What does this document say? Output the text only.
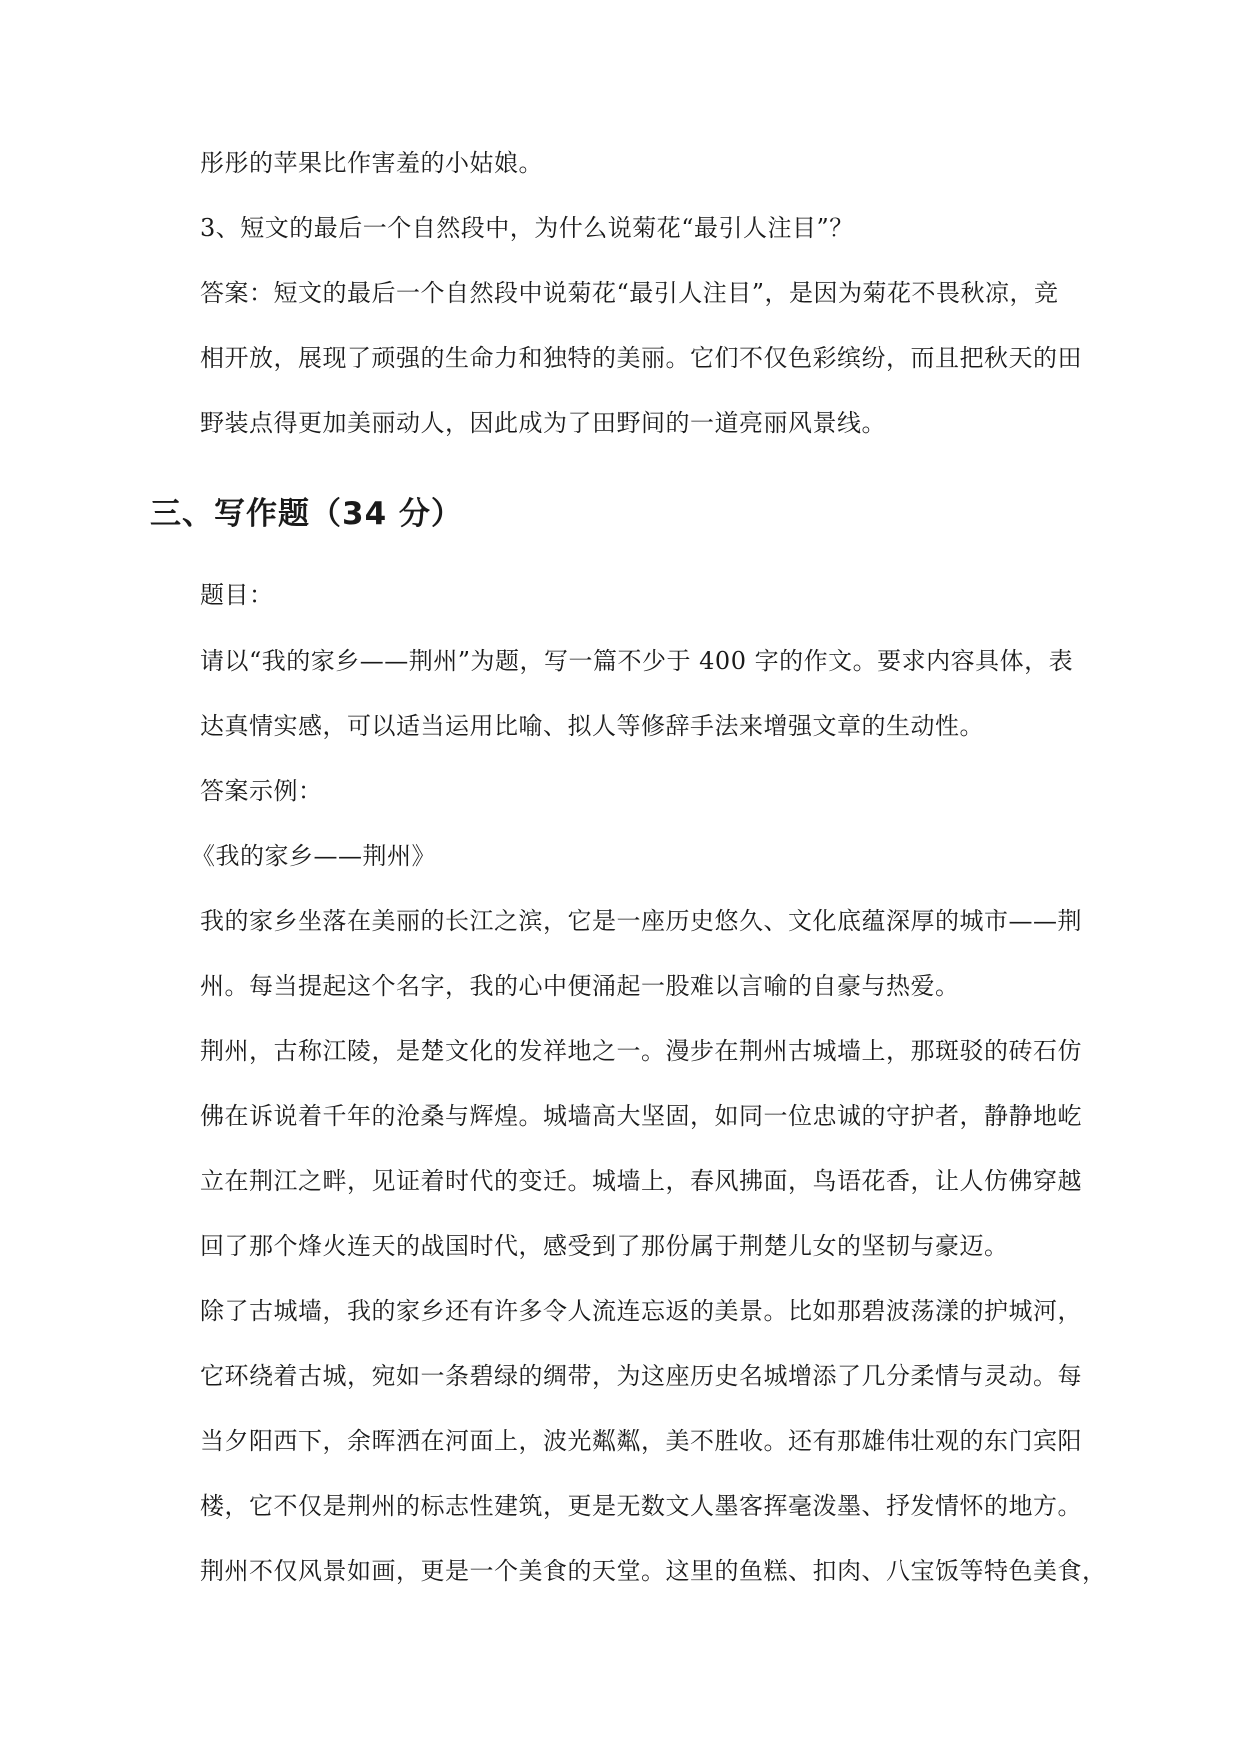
彤彤的苹果比作害羞的小姑娘。
3、短文的最后一个自然段中，为什么说菊花“最引人注目”？
答案：短文的最后一个自然段中说菊花“最引人注目”，是因为菊花不畏秋凉，竞
相开放，展现了顽强的生命力和独特的美丽。它们不仅色彩缤纷，而且把秋天的田
野装点得更加美丽动人，因此成为了田野间的一道亮丽风景线。
三、写作题（34 分）
题目：
请以“我的家乡——荆州”为题，写一篇不少于 400 字的作文。要求内容具体，表
达真情实感，可以适当运用比喻、拟人等修辞手法来增强文章的生动性。
答案示例：
《我的家乡——荆州》
我的家乡坐落在美丽的长江之滨，它是一座历史悠久、文化底蕴深厚的城市——荆
州。每当提起这个名字，我的心中便涌起一股难以言喻的自豪与热爱。
荆州，古称江陵，是楚文化的发祥地之一。漫步在荆州古城墙上，那斑驳的砖石仿
佛在诉说着千年的沧桑与辉煌。城墙高大坚固，如同一位忠诚的守护者，静静地屹
立在荆江之畔，见证着时代的变迁。城墙上，春风拂面，鸟语花香，让人仿佛穿越
回了那个烽火连天的战国时代，感受到了那份属于荆楚儿女的坚韧与豪迈。
除了古城墙，我的家乡还有许多令人流连忘返的美景。比如那碧波荡漾的护城河，
它环绕着古城，宛如一条碧绿的绸带，为这座历史名城增添了几分柔情与灵动。每
当夕阳西下，余晖洒在河面上，波光粼粼，美不胜收。还有那雄伟壮观的东门宾阳
楼，它不仅是荆州的标志性建筑，更是无数文人墨客挥毫泼墨、抒发情怀的地方。
荆州不仅风景如画，更是一个美食的天堂。这里的鱼糕、扣肉、八宝饭等特色美食，
